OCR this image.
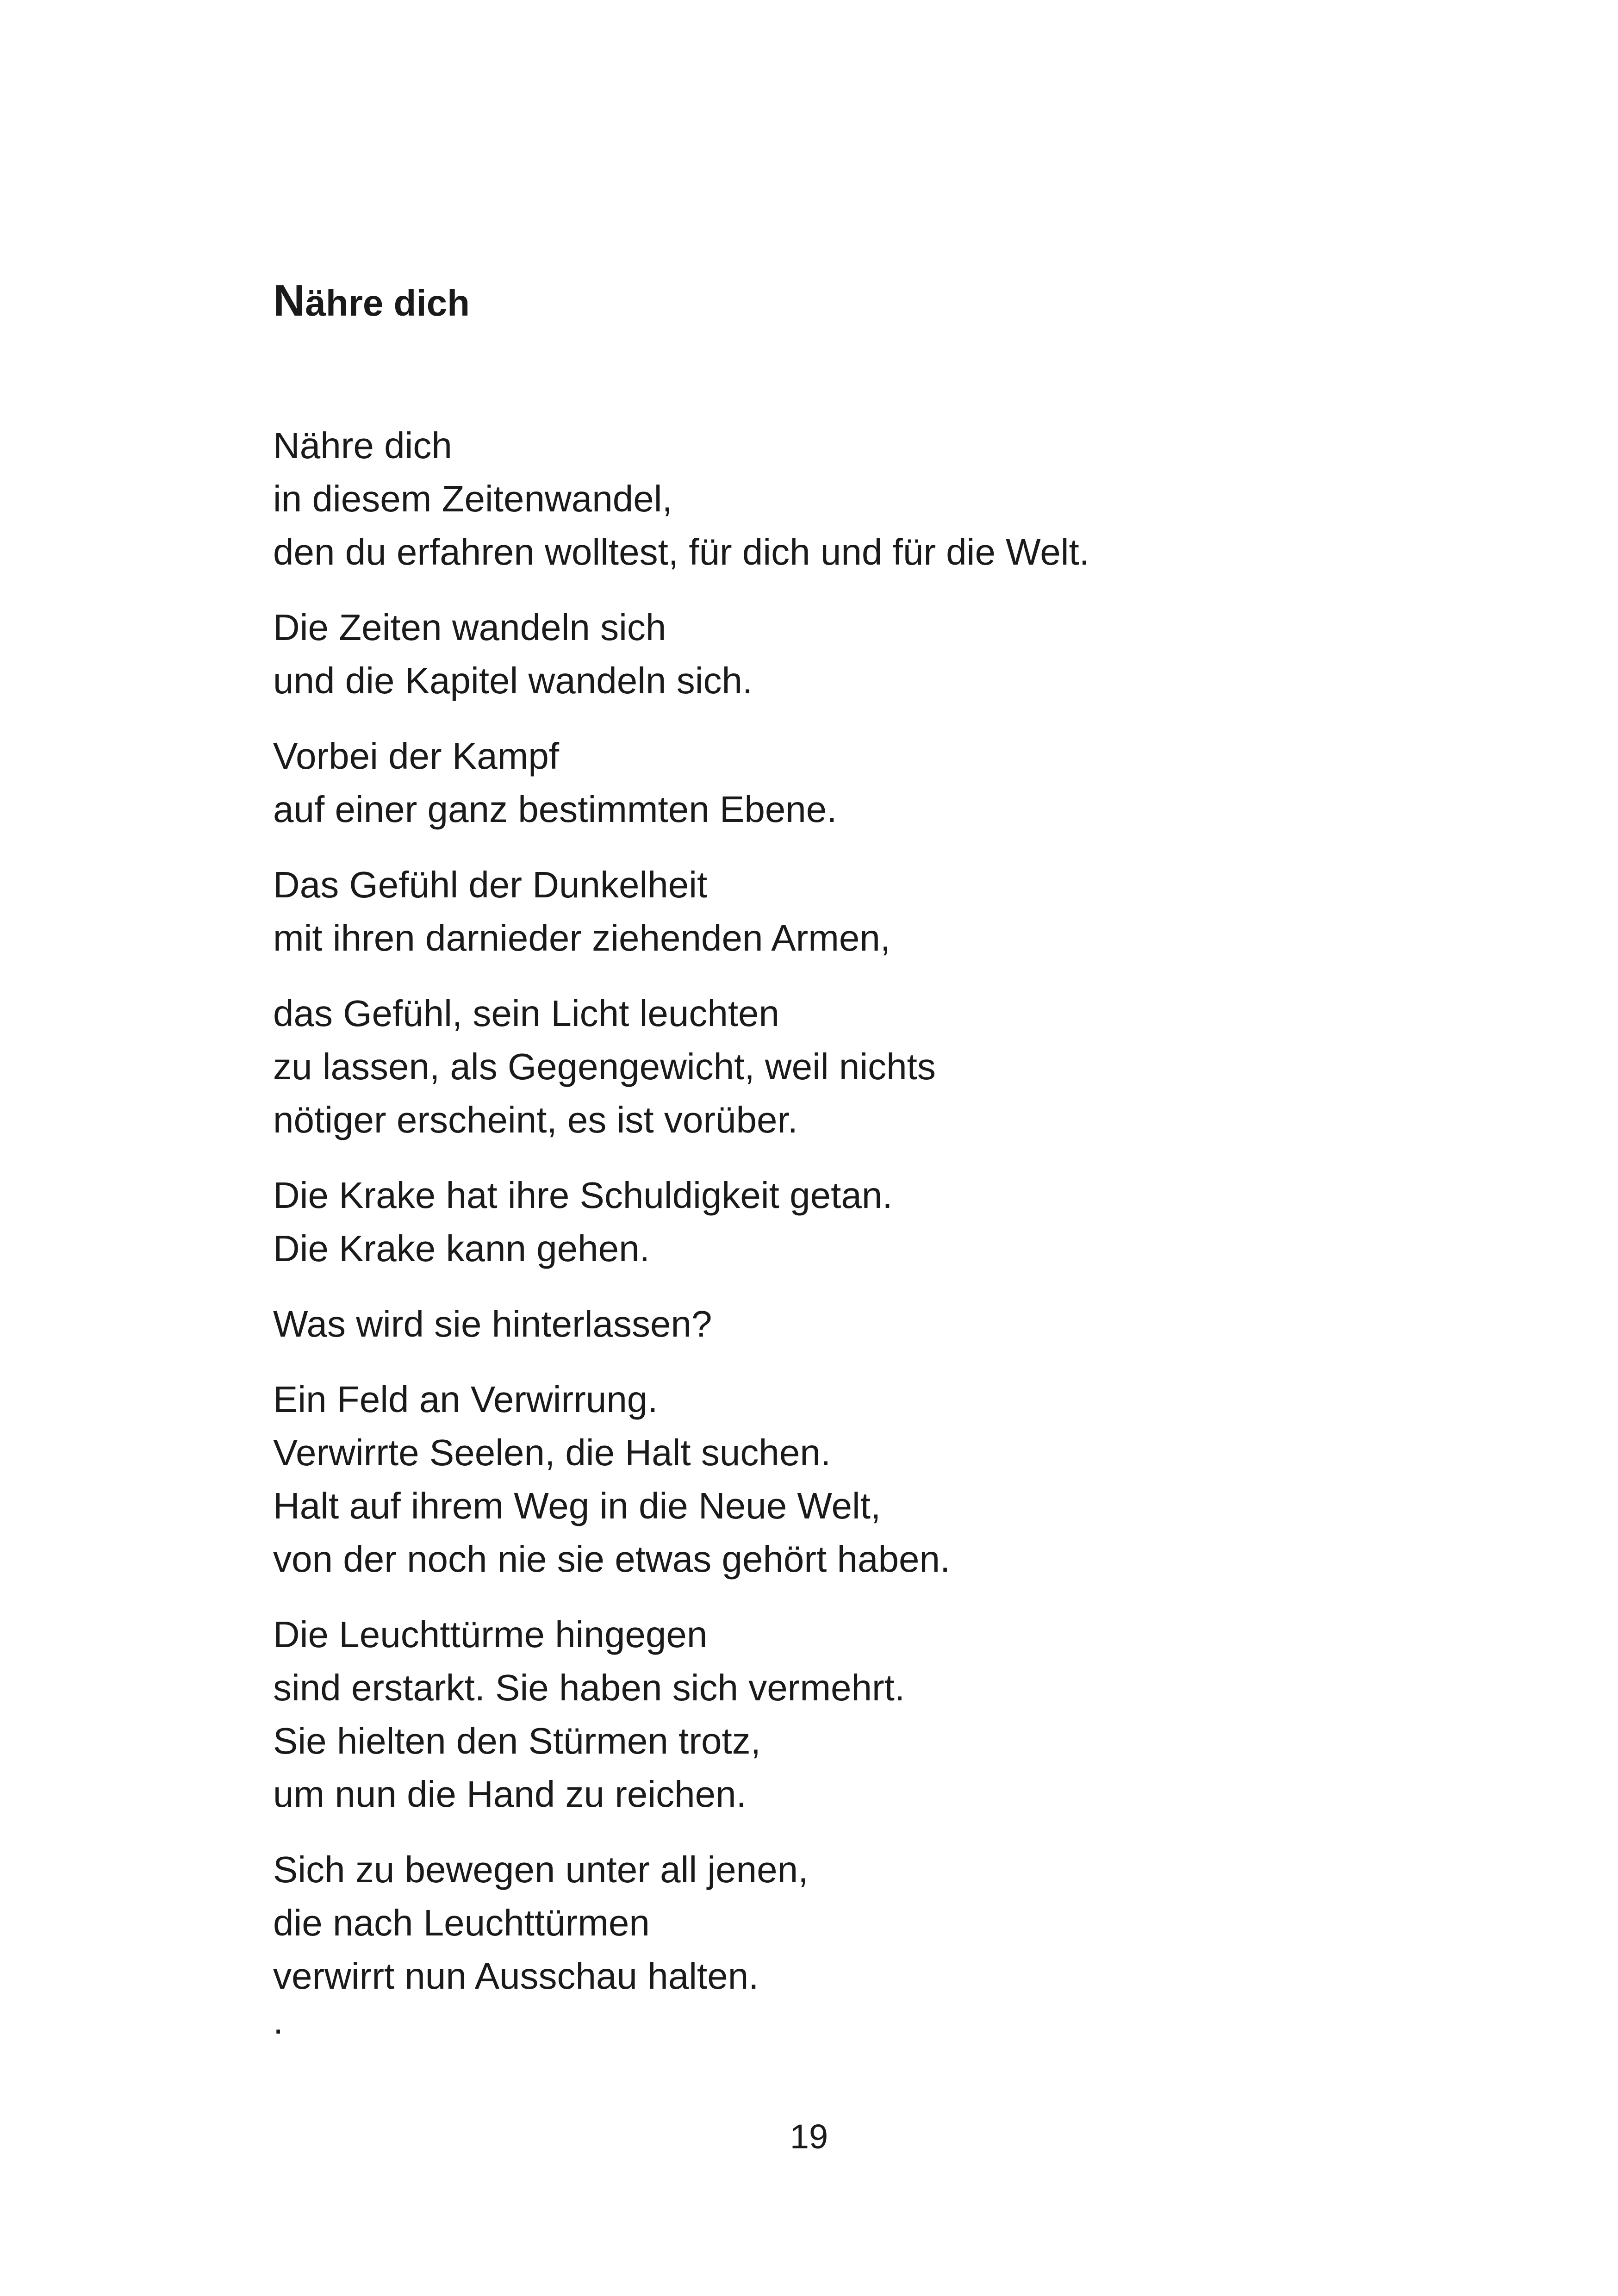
Nähre dich
Nähre dich
in diesem Zeitenwandel,
den du erfahren wolltest, für dich und für die Welt.
Die Zeiten wandeln sich
und die Kapitel wandeln sich.
Vorbei der Kampf
auf einer ganz bestimmten Ebene.
Das Gefühl der Dunkelheit
mit ihren darnieder ziehenden Armen,
das Gefühl, sein Licht leuchten
zu lassen, als Gegengewicht, weil nichts
nötiger erscheint, es ist vorüber.
Die Krake hat ihre Schuldigkeit getan.
Die Krake kann gehen.
Was wird sie hinterlassen?
Ein Feld an Verwirrung.
Verwirrte Seelen, die Halt suchen.
Halt auf ihrem Weg in die Neue Welt,
von der noch nie sie etwas gehört haben.
Die Leuchttürme hingegen
sind erstarkt. Sie haben sich vermehrt.
Sie hielten den Stürmen trotz,
um nun die Hand zu reichen.
Sich zu bewegen unter all jenen,
die nach Leuchttürmen
verwirrt nun Ausschau halten.
.
19
